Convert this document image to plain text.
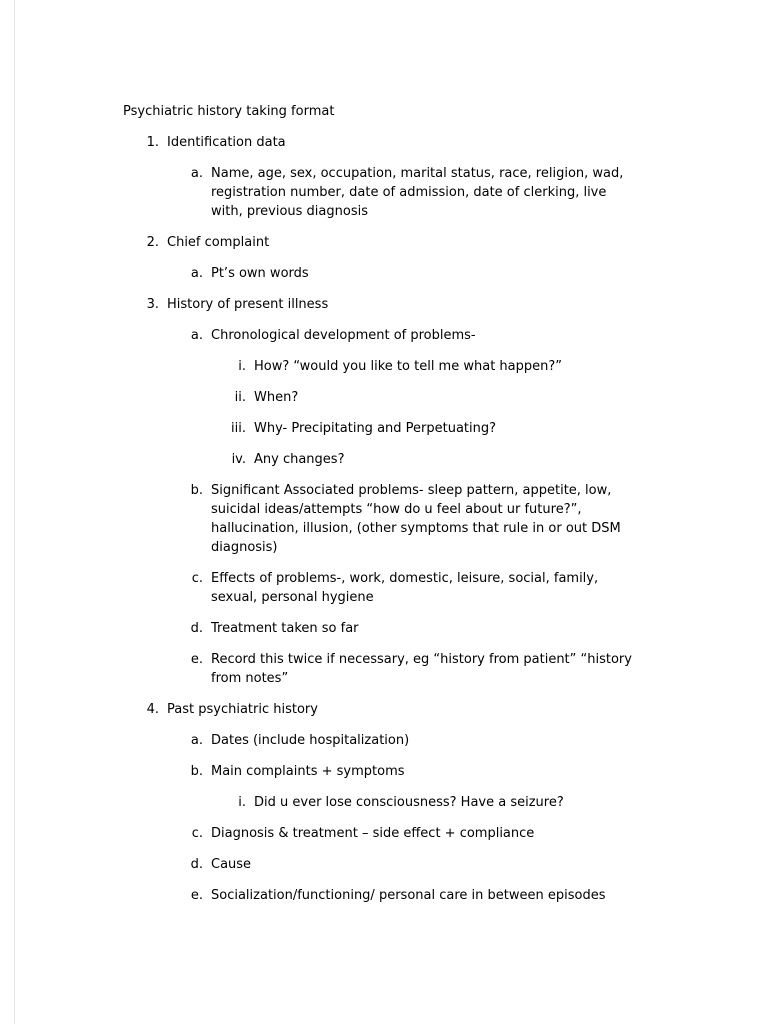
Psychiatric history taking format
1. Identification data
a. Name, age, sex, occupation, marital status, race, religion, wad,
registration number, date of admission, date of clerking, live
with, previous diagnosis
2. Chief complaint
a. Pt’s own words
3. History of present illness
a. Chronological development of problems-
i. How? “would you like to tell me what happen?”
ii. When?
iii. Why- Precipitating and Perpetuating?
iv. Any changes?
b. Significant Associated problems- sleep pattern, appetite, low,
suicidal ideas/attempts “how do u feel about ur future?”,
hallucination, illusion, (other symptoms that rule in or out DSM
diagnosis)
c. Effects of problems-, work, domestic, leisure, social, family,
sexual, personal hygiene
d. Treatment taken so far
e. Record this twice if necessary, eg “history from patient” “history
from notes”
4. Past psychiatric history
a. Dates (include hospitalization)
b. Main complaints + symptoms
i. Did u ever lose consciousness? Have a seizure?
c. Diagnosis & treatment – side effect + compliance
d. Cause
e. Socialization/functioning/ personal care in between episodes
